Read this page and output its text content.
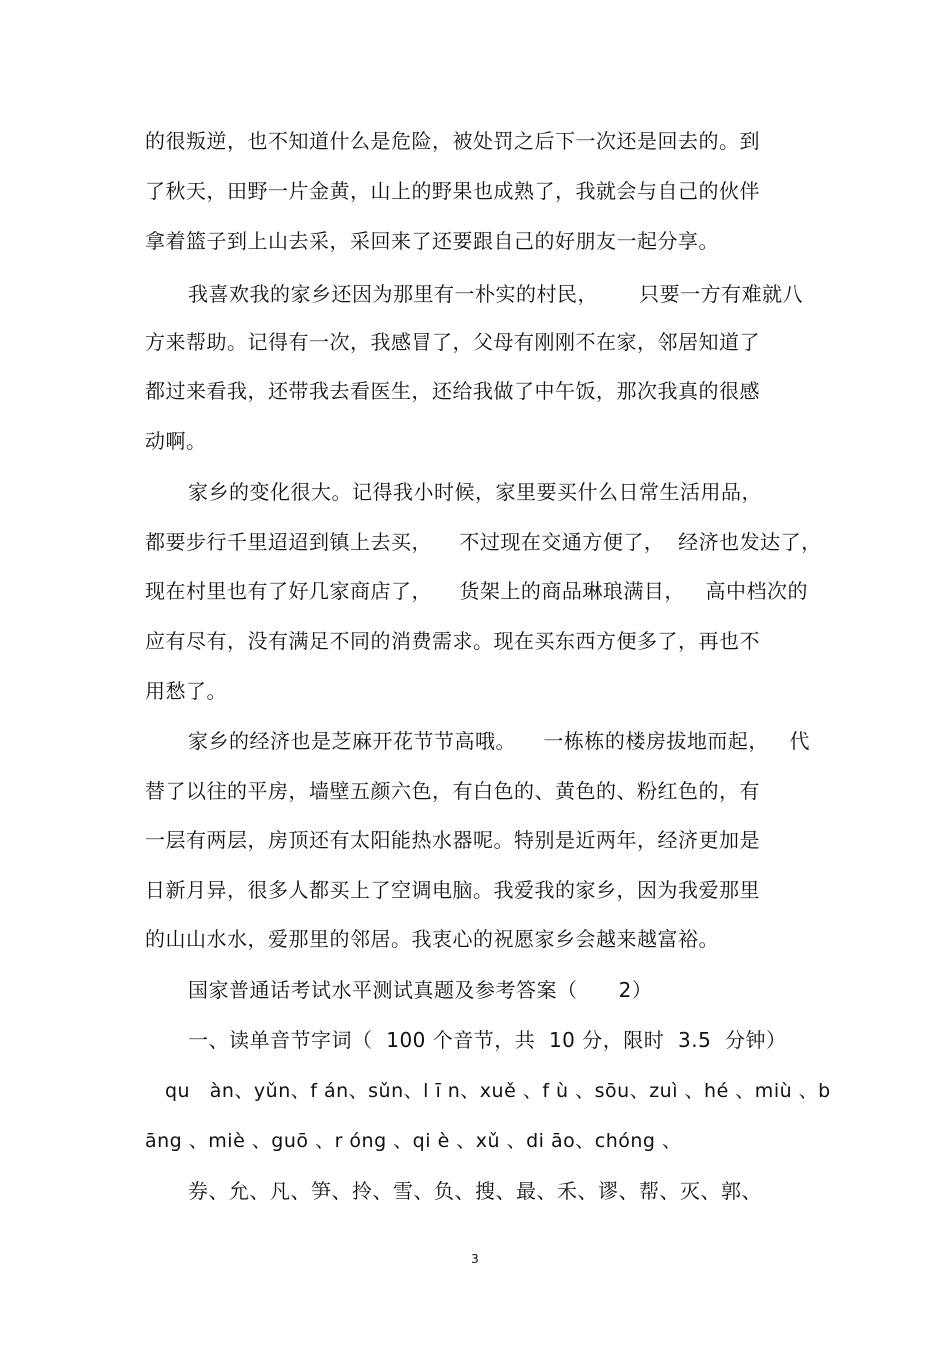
的很叛逆，也不知道什么是危险，被处罚之后下一次还是回去的。到
了秋天，田野一片金黄，山上的野果也成熟了，我就会与自己的伙伴
拿着篮子到上山去采，采回来了还要跟自己的好朋友一起分享。
我喜欢我的家乡还因为那里有一朴实的村民，      只要一方有难就八
方来帮助。记得有一次，我感冒了，父母有刚刚不在家，邻居知道了
都过来看我，还带我去看医生，还给我做了中午饭，那次我真的很感
动啊。
家乡的变化很大。记得我小时候，家里要买什么日常生活用品，
都要步行千里迢迢到镇上去买，    不过现在交通方便了，  经济也发达了，
现在村里也有了好几家商店了，    货架上的商品琳琅满目，   高中档次的
应有尽有，没有满足不同的消费需求。现在买东西方便多了，再也不
用愁了。
家乡的经济也是芝麻开花节节高哦。    一栋栋的楼房拔地而起，   代
替了以往的平房，墙壁五颜六色，有白色的、黄色的、粉红色的，有
一层有两层，房顶还有太阳能热水器呢。特别是近两年，经济更加是
日新月异，很多人都买上了空调电脑。我爱我的家乡，因为我爱那里
的山山水水，爱那里的邻居。我衷心的祝愿家乡会越来越富裕。
国家普通话考试水平测试真题及参考答案（      2）
一、读单音节字词（  100 个音节，共  10 分，限时  3.5  分钟）
qu   àn、yǔn、f án、sǔn、l ī n、xuě 、f ù 、sōu、zuì 、hé 、miù 、b
āng 、miè 、guō 、r óng 、qi è 、xǔ 、di āo、chóng 、
券、允、凡、笋、拎、雪、负、搜、最、禾、谬、帮、灭、郭、
3
